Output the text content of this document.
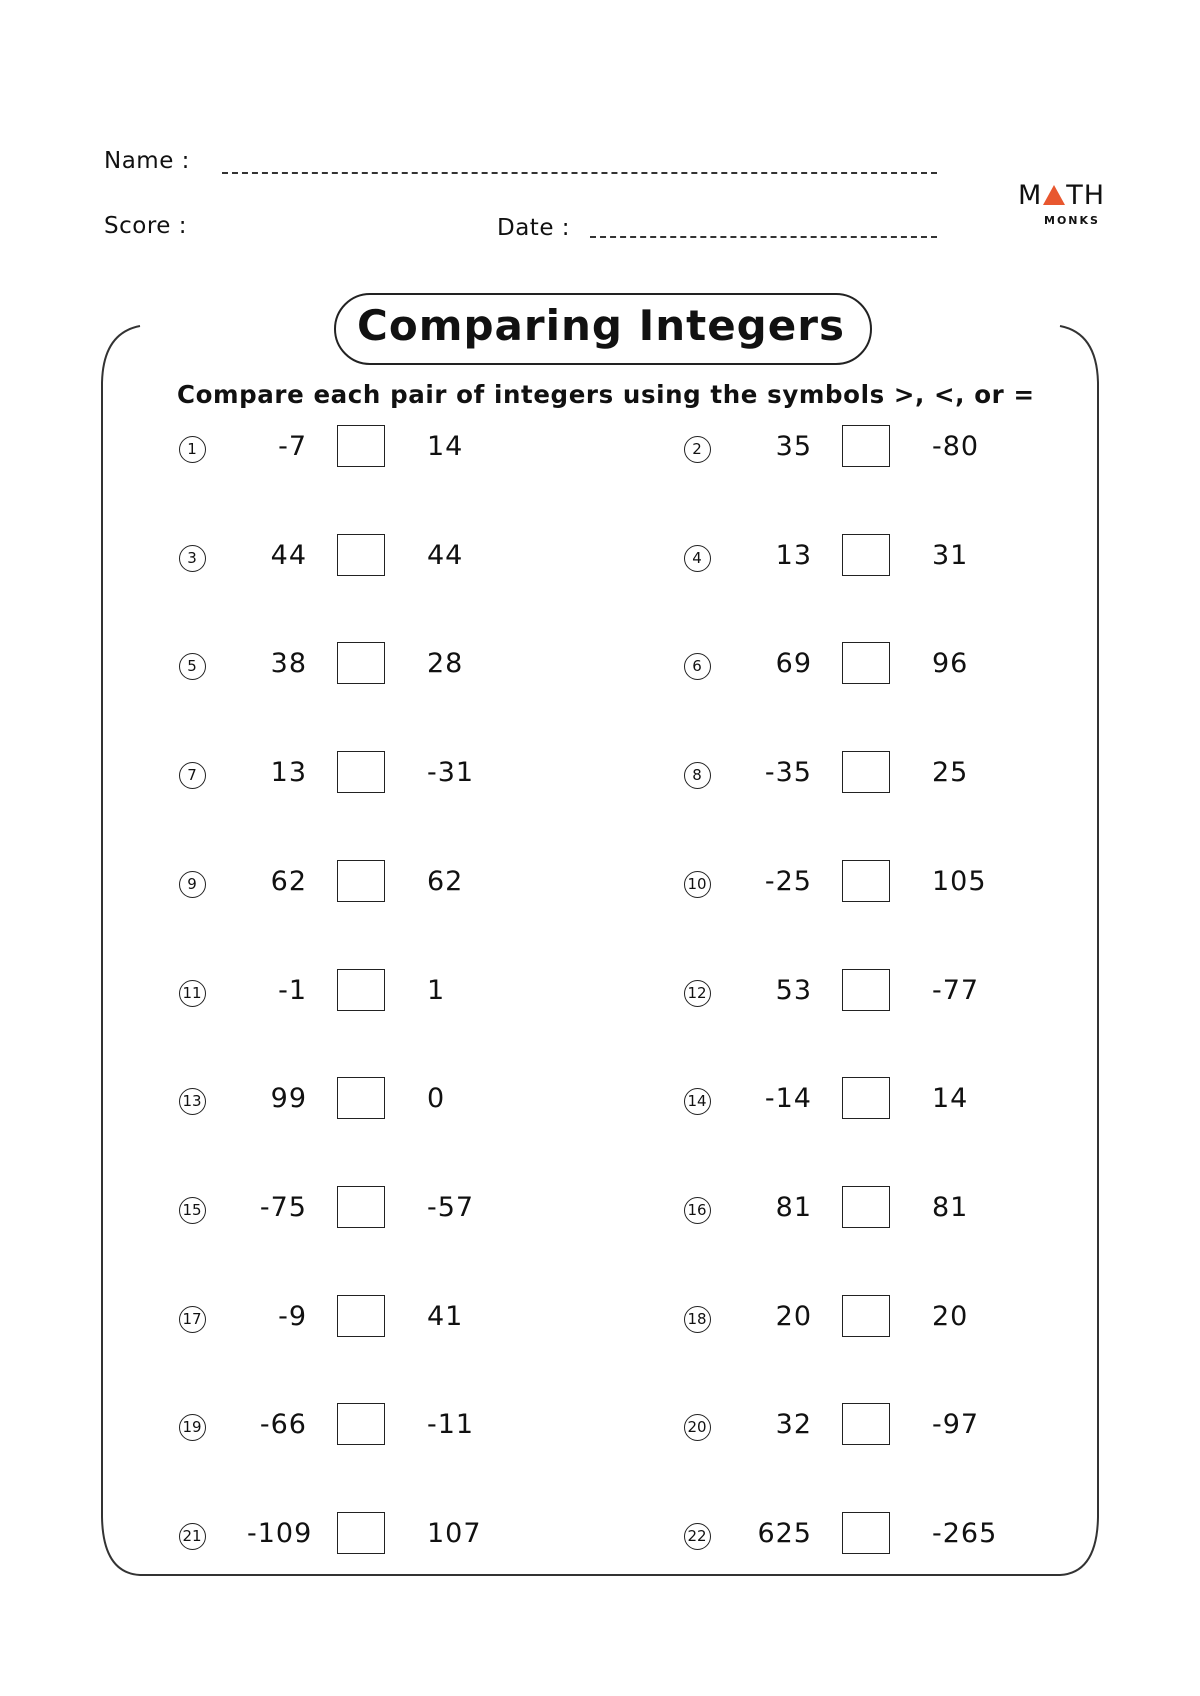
Name :
Score :	Date :
M TH
MONKS
Comparing Integers
Compare each pair of integers using the symbols >, <, or =
1	-7	14	2	35	-80
3	44	44	4	13	31
5	38	28	6	69	96
7	13	-31	8	-35	25
9	62	62	10	-25	105
11	-1	1	12	53	-77
13	99	0	14	-14	14
15	-75	-57	16	81	81
17	-9	41	18	20	20
19	-66	-11	20	32	-97
21 -109	107	22 625	-265
